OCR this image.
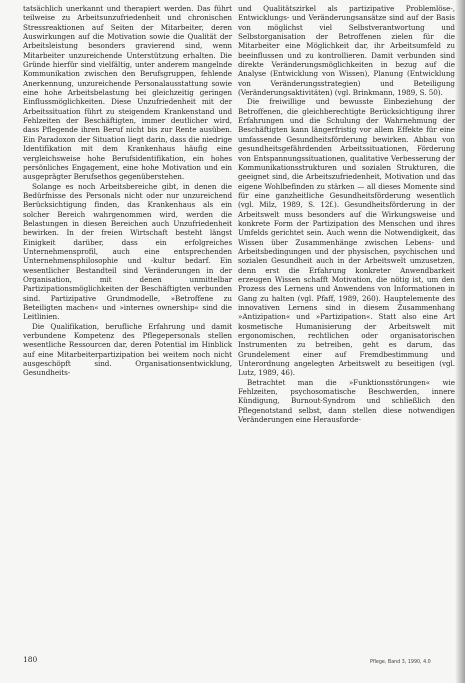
tatsächlich unerkannt und therapiert werden. Das führt teilweise zu Arbeitsunzufriedenheit und chronischen Stressreaktionen auf Seiten der Mitarbeiter, deren Auswirkungen auf die Motivation sowie die Qualität der Arbeitsleistung besonders gravierend sind, wenn Mitarbeiter unzureichende Unterstützung erhalten. Die Gründe hierfür sind vielfältig, unter anderem mangelnde Kommunikation zwischen den Berufsgruppen, fehlende Anerkennung, unzureichende Personalausstattung sowie eine hohe Arbeitsbelastung bei gleichzeitig geringen Einflussmöglichkeiten. Diese Unzufriedenheit mit der Arbeitssituation führt zu steigendem Krankenstand und Fehlzeiten der Beschäftigten, immer deutlicher wird, dass Pflegende ihren Beruf nicht bis zur Rente ausüben. Ein Paradoxon der Situation liegt darin, dass die niedrige Identifikation mit dem Krankenhaus häufig eine vergleichsweise hohe Berufsidentifikation, ein hohes persönliches Engagement, eine hohe Motivation und ein ausgeprägter Berufsethos gegenüberstehen.

Solange es noch Arbeitsbereiche gibt, in denen die Bedürfnisse des Personals nicht oder nur unzureichend Berücksichtigung finden, das Krankenhaus als ein solcher Bereich wahrgenommen wird, werden die Belastungen in diesen Bereichen auch Unzufriedenheit bewirken. In der freien Wirtschaft besteht längst Einigkeit darüber, dass ein erfolgreiches Unternehmensprofil, auch eine entsprechenden Unternehmensphilosophie und -kultur bedarf. Ein wesentlicher Bestandteil sind Veränderungen in der Organisation, mit denen unmittelbar Partizipationsmöglichkeiten der Beschäftigten verbunden sind. Partizipative Grundmodelle, »Betroffene zu Beteiligten machen« und »internes ownership« sind die Leitlinien.

Die Qualifikation, berufliche Erfahrung und damit verbundene Kompetenz des Pflegepersonals stellen wesentliche Ressourcen dar, deren Potential im Hinblick auf eine Mitarbeiterpartizipation bei weitem noch nicht ausgeschöpft sind. Organisationsentwicklung, Gesundheits-

und Qualitätszirkel als partizipative Problemlöse-, Entwicklungs- und Veränderungsansätze sind auf der Basis von möglichst viel Selbstverantwortung und Selbstorganisation der Betroffenen zielen für die Mitarbeiter eine Möglichkeit dar, ihr Arbeitsumfeld zu beeinflussen und zu kontrollieren. Damit verbunden sind direkte Veränderungsmöglichkeiten in bezug auf die Analyse (Entwicklung von Wissen), Planung (Entwicklung von Veränderungsstrategien) und Beteiligung (Veränderungsaktivitäten) (vgl. Brinkmann, 1989, S. 50).

Die freiwillige und bewusste Einbeziehung der Betroffenen, die gleichberechtigte Berücksichtigung ihrer Erfahrungen und die Schulung der Wahrnehmung der Beschäftigten kann längerfristig vor allem Effekte für eine umfassende Gesundheitsförderung bewirken. Abbau von gesundheitsgefährdenden Arbeitssituationen, Förderung von Entspannungssituationen, qualitative Verbesserung der Kommunikationsstrukturen und sozialen Strukturen, die geeignet sind, die Arbeitszufriedenheit, Motivation und das eigene Wohlbefinden zu stärken — all dieses Momente sind für eine ganzheitliche Gesundheitsförderung wesentlich (vgl. Milz, 1989, S. 12f.). Gesundheitsförderung in der Arbeitswelt muss besonders auf die Wirkungsweise und konkrete Form der Partizipation des Menschen und ihres Umfelds gerichtet sein. Auch wenn die Notwendigkeit, das Wissen über Zusammenhänge zwischen Lebens- und Arbeitsbedingungen und der physischen, psychischen und sozialen Gesundheit auch in der Arbeitswelt umzusetzen, denn erst die Erfahrung konkreter Anwendbarkeit erzeugen Wissen schafft Motivation, die nötig ist, um den Prozess des Lernens und Anwendens von Informationen in Gang zu halten (vgl. Pfaff, 1989, 260). Hauptelemente des innovativen Lernens sind in diesem Zusammenhang »Antizipation« und »Partizipation«. Statt also eine Art kosmetische Humanisierung der Arbeitswelt mit ergonomischen, rechtlichen oder organisatorischen Instrumenten zu betreiben, geht es darum, das Grundelement einer auf Fremdbestimmung und Unterordnung angelegten Arbeitswelt zu beseitigen (vgl. Lutz, 1989, 46).

Betrachtet man die »Funktionsstörungen« wie Fehlzeiten, psychosomatische Beschwerden, innere Kündigung, Burnout-Syndrom und schließlich den Pflegenotstand selbst, dann stellen diese notwendigen Veränderungen eine Herausforde-

180	Pflege, Band 3, 1990, 4.0
